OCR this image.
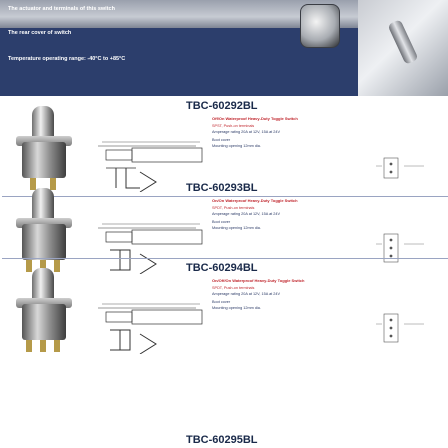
The actuator and terminals of this switch
The rear cover of switch
Temperature operating range: -40°C to +85°C
TBC-60292BL
Off/On Waterproof Heavy-Duty Toggle Switch
SPST, Push-on terminals
Amperage rating 20A at 12V, 15A at 24V
Boot cover
Mounting opening 12mm dia.
TBC-60293BL
On/On Waterproof Heavy-Duty Toggle Switch
SPDT, Push-on terminals
Amperage rating 20A at 12V, 15A at 24V
Boot cover
Mounting opening 12mm dia.
TBC-60294BL
On/Off/On Waterproof Heavy-Duty Toggle Switch
SPDT, Push-on terminals
Amperage rating 20A at 12V, 15A at 24V
Boot cover
Mounting opening 12mm dia.
TBC-60295BL
